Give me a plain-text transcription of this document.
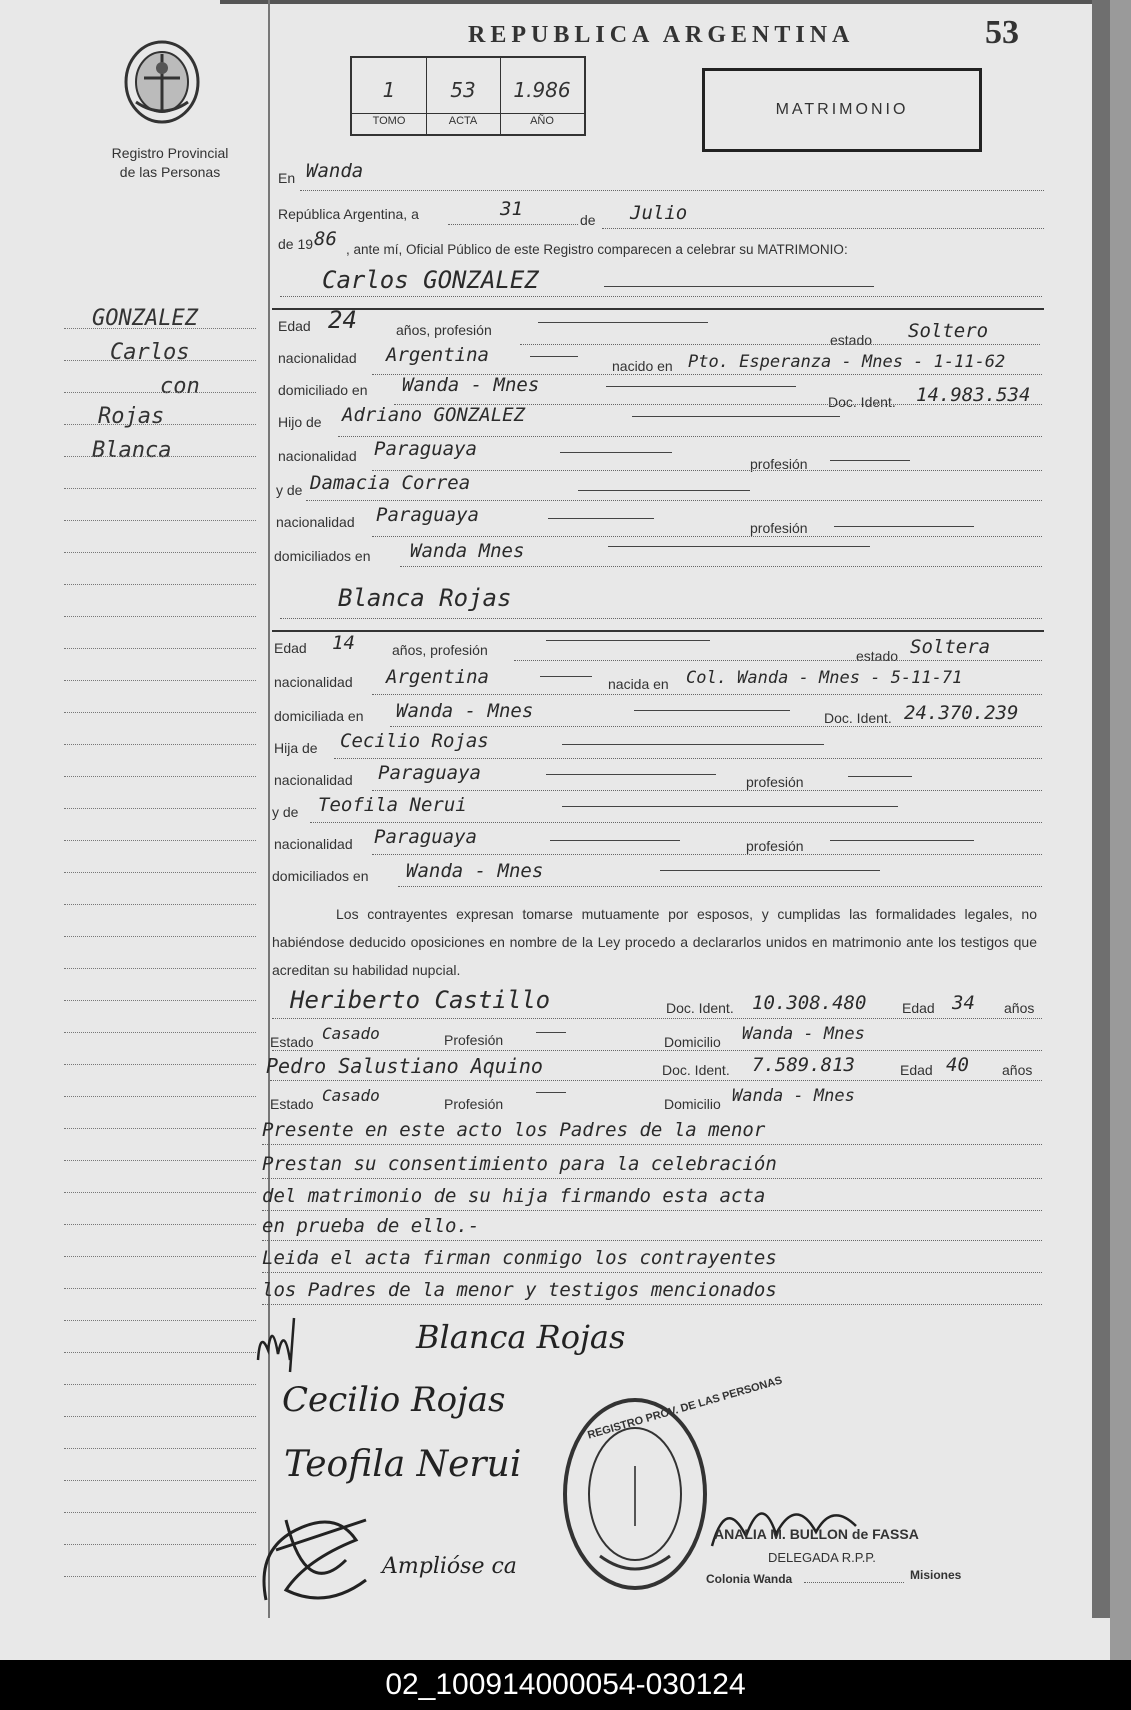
Registro Provincial
de las Personas
GONZALEZ
Carlos
con
Rojas
Blanca
REPUBLICA ARGENTINA	53
1
TOMO
53
ACTA
1.986
AÑO
MATRIMONIO
En Wanda
República Argentina, a	31	de Julio
de 19 86 , ante mí, Oficial Público de este Registro comparecen a celebrar su MATRIMONIO:
Carlos GONZALEZ
Edad 24	años, profesión
estado Soltero
nacionalidad Argentina	nacido en Pto. Esperanza - Mnes - 1-11-62
domiciliado en Wanda - Mnes
Doc. Ident. 14.983.534
Hijo de Adriano GONZALEZ
nacionalidad Paraguaya
profesión
y de Damacia Correa
nacionalidad Paraguaya
profesión
domiciliados en Wanda Mnes
Blanca Rojas
Edad 14	años, profesión	estado Soltera
nacionalidad Argentina	nacida en Col. Wanda - Mnes - 5-11-71
domiciliada en Wanda - Mnes	Doc. Ident. 24.370.239
Hija de Cecilio Rojas
nacionalidad Paraguaya	profesión
y de Teofila Nerui
nacionalidad Paraguaya	profesión
domiciliados en Wanda - Mnes
Los contrayentes expresan tomarse mutuamente por esposos, y cumplidas las formalidades legales, no habiéndose deducido oposiciones en nombre de la Ley procedo a declararlos unidos en matrimonio ante los testigos que acreditan su habilidad nupcial.
Heriberto Castillo	Doc. Ident. 10.308.480	Edad 34 años
Estado Casado	Profesión	Domicilio Wanda - Mnes
Pedro Salustiano Aquino	Doc. Ident. 7.589.813	Edad 40 años
Estado Casado	Profesión	Domicilio Wanda - Mnes
Presente en este acto los Padres de la menor
Prestan su consentimiento para la celebración
del matrimonio de su hija firmando esta acta
en prueba de ello.-
Leida el acta firman conmigo los contrayentes
los Padres de la menor y testigos mencionados
Blanca Rojas
Cecilio Rojas
Teofila Nerui
Amplióse ca
REGISTRO PROV. DE LAS PERSONAS
ANALIA M. BULLON de FASSA
DELEGADA R.P.P.
Colonia Wanda	Misiones
02_100914000054-030124
